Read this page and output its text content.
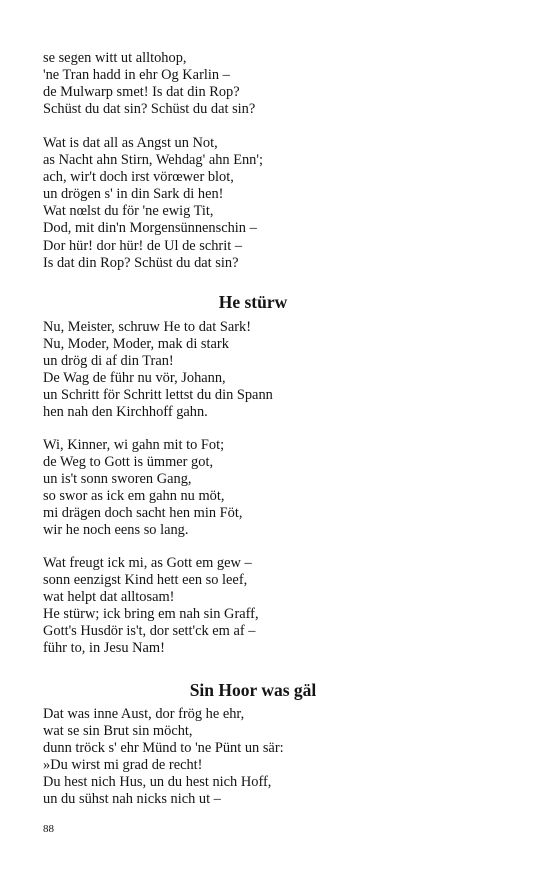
se segen witt ut alltohop,
'ne Tran hadd in ehr Og Karlin –
de Mulwarp smet! Is dat din Rop?
Schüst du dat sin? Schüst du dat sin?
Wat is dat all as Angst un Not,
as Nacht ahn Stirn, Wehdag' ahn Enn';
ach, wir't doch irst vörœwer blot,
un drögen s' in din Sark di hen!
Wat nœlst du för 'ne ewig Tit,
Dod, mit din'n Morgensünnenschin –
Dor hür! dor hür! de Ul de schrit –
Is dat din Rop? Schüst du dat sin?
He stürw
Nu, Meister, schruw He to dat Sark!
Nu, Moder, Moder, mak di stark
un drög di af din Tran!
De Wag de führ nu vör, Johann,
un Schritt för Schritt lettst du din Spann
hen nah den Kirchhoff gahn.
Wi, Kinner, wi gahn mit to Fot;
de Weg to Gott is ümmer got,
un is't sonn sworen Gang,
so swor as ick em gahn nu möt,
mi drägen doch sacht hen min Föt,
wir he noch eens so lang.
Wat freugt ick mi, as Gott em gew –
sonn eenzigst Kind hett een so leef,
wat helpt dat alltosam!
He stürw; ick bring em nah sin Graff,
Gott's Husdör is't, dor sett'ck em af –
führ to, in Jesu Nam!
Sin Hoor was gäl
Dat was inne Aust, dor frög he ehr,
wat se sin Brut sin möcht,
dunn tröck s' ehr Münd to 'ne Pünt un sär:
»Du wirst mi grad de recht!
Du hest nich Hus, un du hest nich Hoff,
un du sühst nah nicks nich ut –
88
